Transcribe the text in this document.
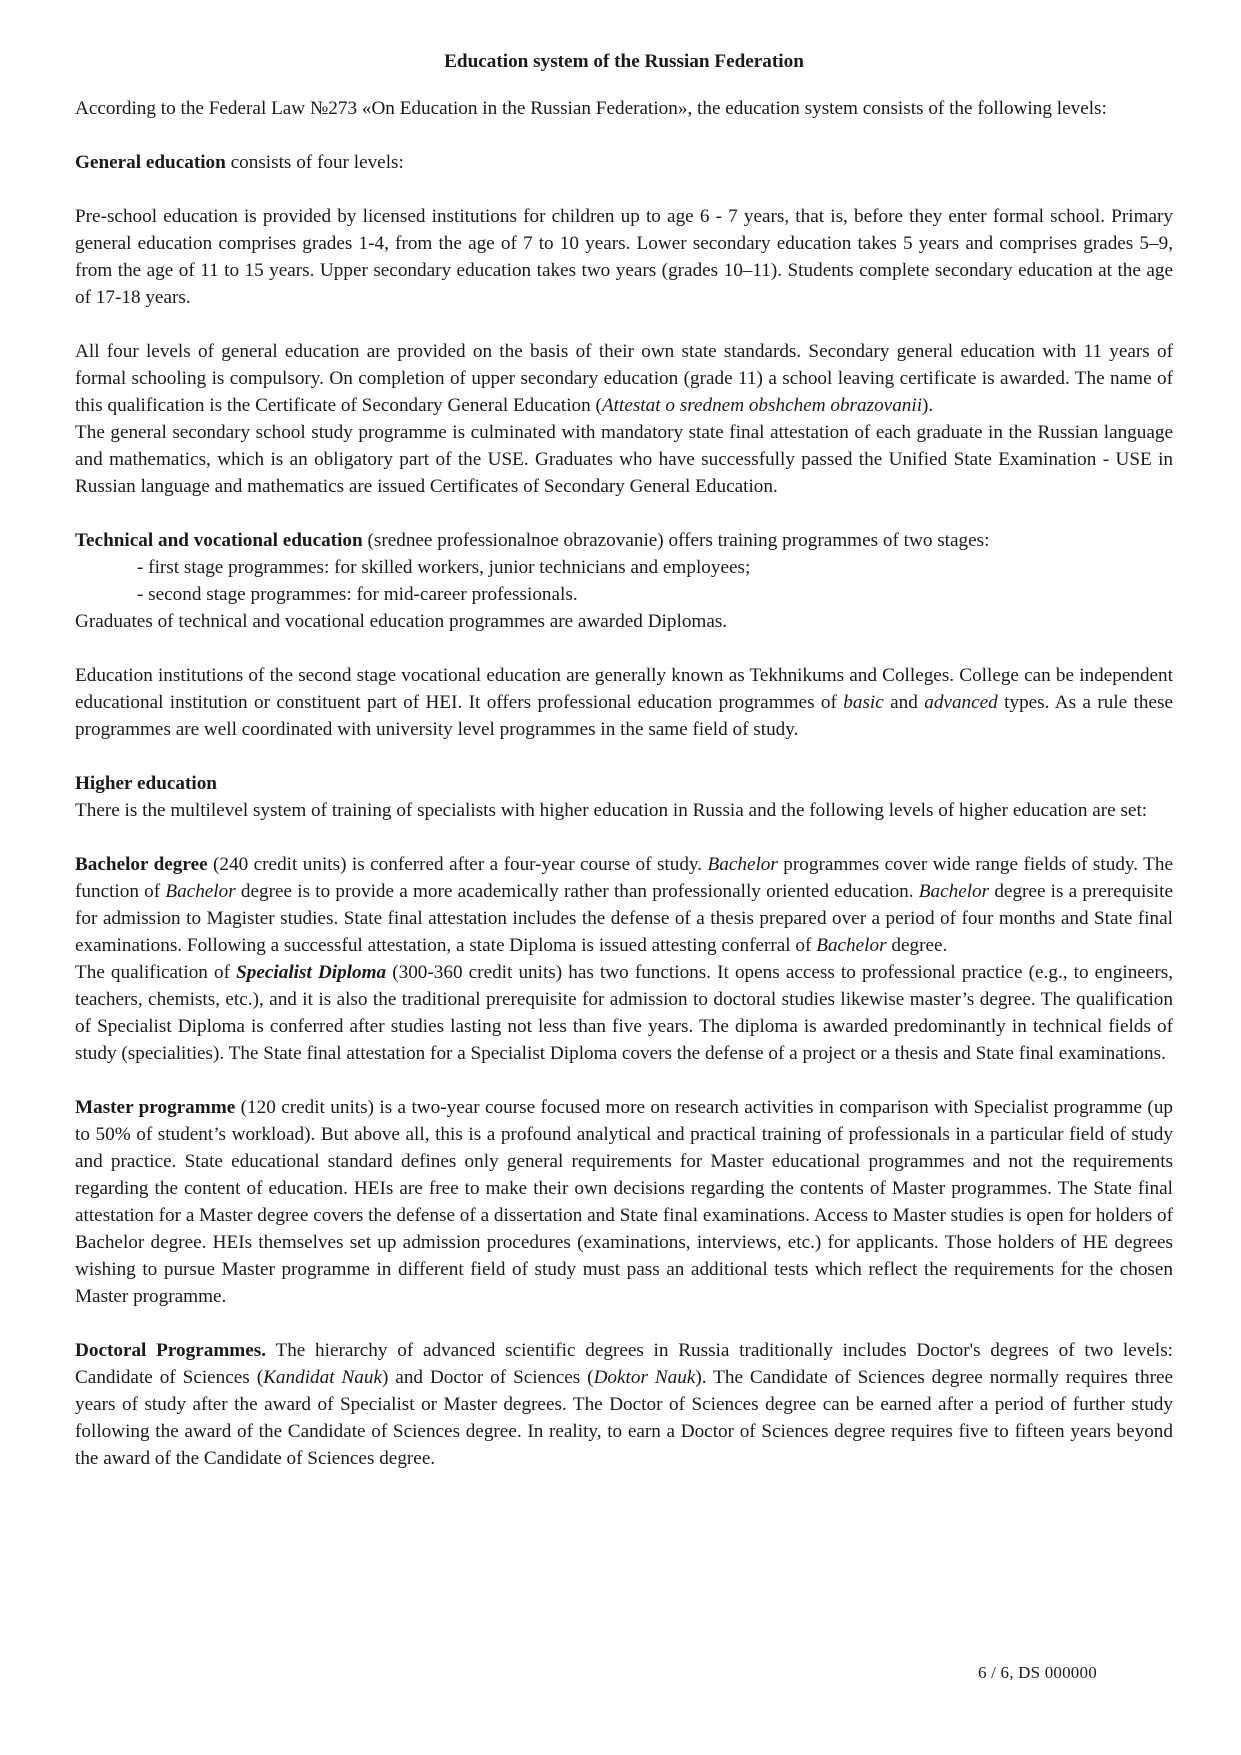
Education system of the Russian Federation

According to the Federal Law №273 «On Education in the Russian Federation», the education system consists of the following levels:

General education consists of four levels:

Pre-school education is provided by licensed institutions for children up to age 6 - 7 years, that is, before they enter formal school. Primary general education comprises grades 1-4, from the age of 7 to 10 years. Lower secondary education takes 5 years and comprises grades 5–9, from the age of 11 to 15 years. Upper secondary education takes two years (grades 10–11). Students complete secondary education at the age of 17-18 years.

All four levels of general education are provided on the basis of their own state standards. Secondary general education with 11 years of formal schooling is compulsory. On completion of upper secondary education (grade 11) a school leaving certificate is awarded. The name of this qualification is the Certificate of Secondary General Education (Attestat o srednem obshchem obrazovanii).

The general secondary school study programme is culminated with mandatory state final attestation of each graduate in the Russian language and mathematics, which is an obligatory part of the USE. Graduates who have successfully passed the Unified State Examination - USE in Russian language and mathematics are issued Certificates of Secondary General Education.

Technical and vocational education (srednee professionalnoe obrazovanie) offers training programmes of two stages:

- first stage programmes: for skilled workers, junior technicians and employees;
- second stage programmes: for mid-career professionals.

Graduates of technical and vocational education programmes are awarded Diplomas.

Education institutions of the second stage vocational education are generally known as Tekhnikums and Colleges. College can be independent educational institution or constituent part of HEI. It offers professional education programmes of basic and advanced types. As a rule these programmes are well coordinated with university level programmes in the same field of study.

Higher education

There is the multilevel system of training of specialists with higher education in Russia and the following levels of higher education are set:

Bachelor degree (240 credit units) is conferred after a four-year course of study. Bachelor programmes cover wide range fields of study. The function of Bachelor degree is to provide a more academically rather than professionally oriented education. Bachelor degree is a prerequisite for admission to Magister studies. State final attestation includes the defense of a thesis prepared over a period of four months and State final examinations. Following a successful attestation, a state Diploma is issued attesting conferral of Bachelor degree.

The qualification of Specialist Diploma (300-360 credit units) has two functions. It opens access to professional practice (e.g., to engineers, teachers, chemists, etc.), and it is also the traditional prerequisite for admission to doctoral studies likewise master’s degree. The qualification of Specialist Diploma is conferred after studies lasting not less than five years. The diploma is awarded predominantly in technical fields of study (specialities). The State final attestation for a Specialist Diploma covers the defense of a project or a thesis and State final examinations.

Master programme (120 credit units) is a two-year course focused more on research activities in comparison with Specialist programme (up to 50% of student’s workload). But above all, this is a profound analytical and practical training of professionals in a particular field of study and practice. State educational standard defines only general requirements for Master educational programmes and not the requirements regarding the content of education. HEIs are free to make their own decisions regarding the contents of Master programmes. The State final attestation for a Master degree covers the defense of a dissertation and State final examinations. Access to Master studies is open for holders of Bachelor degree. HEIs themselves set up admission procedures (examinations, interviews, etc.) for applicants. Those holders of HE degrees wishing to pursue Master programme in different field of study must pass an additional tests which reflect the requirements for the chosen Master programme.

Doctoral Programmes. The hierarchy of advanced scientific degrees in Russia traditionally includes Doctor's degrees of two levels: Candidate of Sciences (Kandidat Nauk) and Doctor of Sciences (Doktor Nauk). The Candidate of Sciences degree normally requires three years of study after the award of Specialist or Master degrees. The Doctor of Sciences degree can be earned after a period of further study following the award of the Candidate of Sciences degree. In reality, to earn a Doctor of Sciences degree requires five to fifteen years beyond the award of the Candidate of Sciences degree.

6 / 6, DS 000000
